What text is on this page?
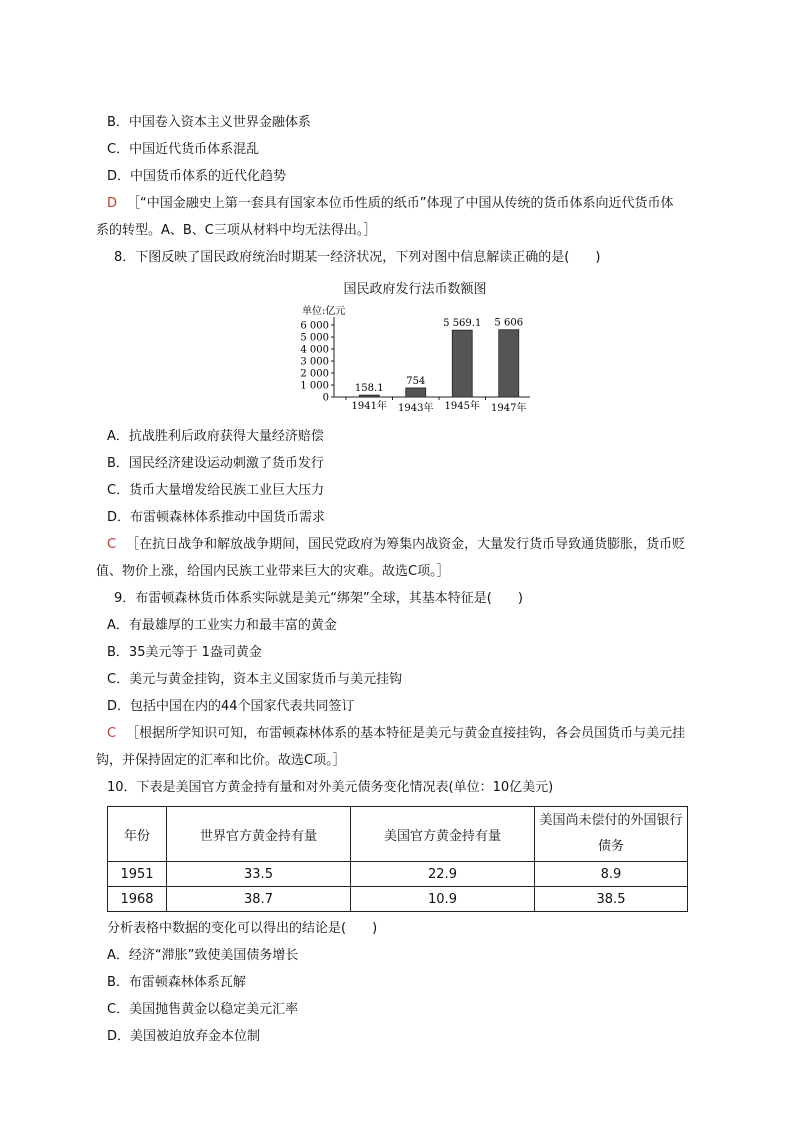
B．中国卷入资本主义世界金融体系
C．中国近代货币体系混乱
D．中国货币体系的近代化趋势
D ［“中国金融史上第一套具有国家本位币性质的纸币”体现了中国从传统的货币体系向近代货币体
系的转型。A、B、C三项从材料中均无法得出。］
8．下图反映了国民政府统治时期某一经济状况，下列对图中信息解读正确的是(　　)
国民政府发行法币数额图
单位:亿元
0
1 000
2 000
3 000
4 000
5 000
6 000
158.1
1941年
754
1943年
5 569.1
1945年
5 606
1947年
A．抗战胜利后政府获得大量经济赔偿
B．国民经济建设运动刺激了货币发行
C．货币大量增发给民族工业巨大压力
D．布雷顿森林体系推动中国货币需求
C ［在抗日战争和解放战争期间，国民党政府为筹集内战资金，大量发行货币导致通货膨胀，货币贬
值、物价上涨，给国内民族工业带来巨大的灾难。故选C项。］
9．布雷顿森林货币体系实际就是美元“绑架”全球，其基本特征是(　　)
A．有最雄厚的工业实力和最丰富的黄金
B．35美元等于 1盎司黄金
C．美元与黄金挂钩，资本主义国家货币与美元挂钩
D．包括中国在内的44个国家代表共同签订
C ［根据所学知识可知，布雷顿森林体系的基本特征是美元与黄金直接挂钩，各会员国货币与美元挂
钩，并保持固定的汇率和比价。故选C项。］
10．下表是美国官方黄金持有量和对外美元债务变化情况表(单位：10亿美元)
年份	世界官方黄金持有量	美国官方黄金持有量	美国尚未偿付的外国银行
债务
1951	33.5	22.9	8.9
1968	38.7	10.9	38.5
分析表格中数据的变化可以得出的结论是(　　)
A．经济“滞胀”致使美国债务增长
B．布雷顿森林体系瓦解
C．美国抛售黄金以稳定美元汇率
D．美国被迫放弃金本位制
